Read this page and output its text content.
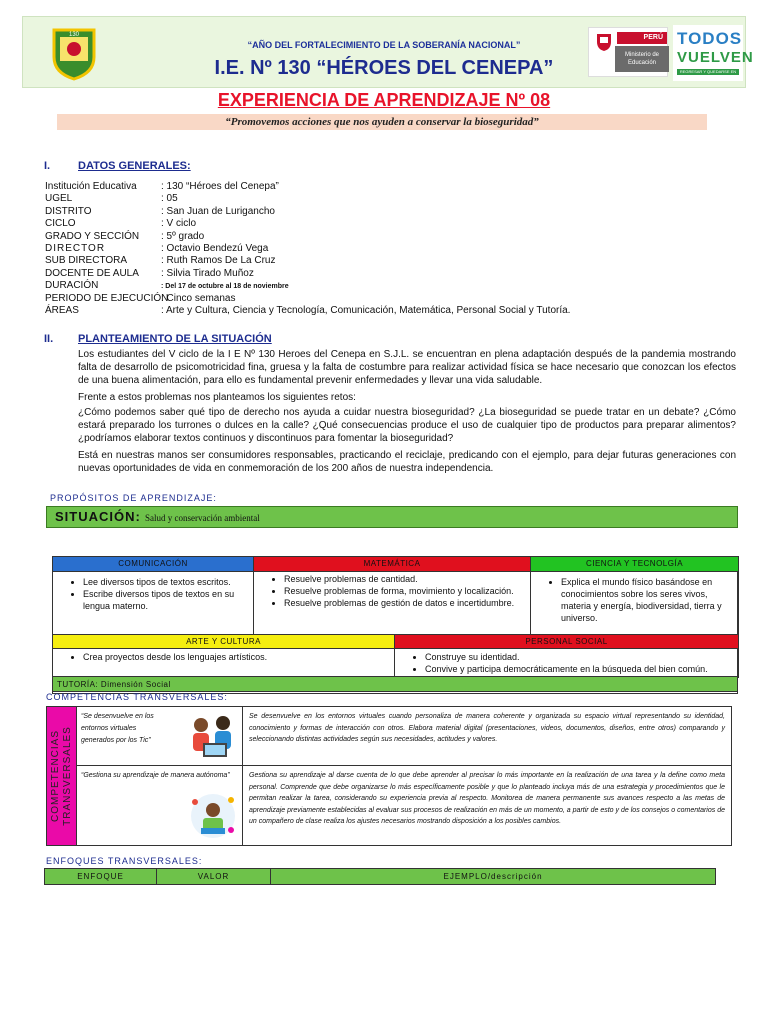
130
“AÑO DEL FORTALECIMIENTO DE LA SOBERANÍA NACIONAL”
I.E. Nº 130 “HÉROES DEL CENEPA”
PERÚ
Ministerio de Educación
TODOS
VUELVEN
REGRESAR Y QUEDARSE EN 2022
EXPERIENCIA DE APRENDIZAJE Nº 08
“Promovemos acciones que nos ayuden a conservar la bioseguridad”
I.	DATOS GENERALES:
Institución Educativa : 130 “Héroes del Cenepa”
UGEL	: 05
DISTRITO	: San Juan de Lurigancho
CICLO	: V ciclo
GRADO Y SECCIÓN : 5º grado
DIRECTOR	: Octavio Bendezú Vega
SUB DIRECTORA	: Ruth Ramos De La Cruz
DOCENTE DE AULA : Silvia Tirado Muñoz
DURACIÓN	: Del 17 de octubre al 18 de noviembre
PERIODO DE EJECUCIÓN: Cinco semanas
ÁREAS	: Arte y Cultura, Ciencia y Tecnología, Comunicación, Matemática, Personal Social y Tutoría.
II. PLANTEAMIENTO DE LA SITUACIÓN
Los estudiantes del V ciclo de la I E Nº 130 Heroes del Cenepa en S.J.L. se encuentran en plena adaptación después de la pandemia mostrando falta de desarrollo de psicomotricidad fina, gruesa y la falta de costumbre para realizar actividad física se hace necesario que conozcan los efectos de una buena alimentación, para ello es fundamental prevenir enfermedades y llevar una vida saludable.
Frente a estos problemas nos planteamos los siguientes retos:
¿Cómo podemos saber qué tipo de derecho nos ayuda a cuidar nuestra bioseguridad? ¿La bioseguridad se puede tratar en un debate? ¿Cómo estará preparado los turrones o dulces en la calle? ¿Qué consecuencias produce el uso de cualquier tipo de productos para preparar alimentos? ¿podríamos elaborar textos continuos y discontinuos para fomentar la bioseguridad?
Está en nuestras manos ser consumidores responsables, practicando el reciclaje, predicando con el ejemplo, para dejar futuras generaciones con nuevas oportunidades de vida en conmemoración de los 200 años de nuestra independencia.
PROPÓSITOS DE APRENDIZAJE:
SITUACIÓN: Salud y conservación ambiental
COMUNICACIÓN	MATEMÁTICA	CIENCIA Y TECNOLGÍA
• Lee diversos tipos de textos escritos.
• Escribe diversos tipos de textos en su lengua materno.
• Resuelve problemas de cantidad.
• Resuelve problemas de forma, movimiento y localización.
• Resuelve problemas de gestión de datos e incertidumbre.
• Explica el mundo físico basándose en conocimientos sobre los seres vivos, materia y energía, biodiversidad, tierra y universo.
ARTE Y CULTURA	PERSONAL SOCIAL
• Crea proyectos desde los lenguajes artísticos.
•	Construye su identidad.
• Convive y participa democráticamente en la búsqueda del bien común.
TUTORÍA: Dimensión Social
COMPETENCIAS TRANSVERSALES:
COMPETENCIAS TRANSVERSALES
“Se desenvuelve en los entornos virtuales generados por los Tic”
Se desenvuelve en los entornos virtuales cuando personaliza de manera coherente y organizada su espacio virtual representando su identidad, conocimiento y formas de interacción con otros. Elabora material digital (presentaciones, videos, documentos, diseños, entre otros) comparando y seleccionando distintas actividades según sus necesidades, actitudes y valores.
“Gestiona su aprendizaje de manera autónoma”	Gestiona su aprendizaje al darse cuenta de lo que debe aprender al precisar lo más importante en la realización de una tarea y la define como meta personal. Comprende que debe organizarse lo más específicamente posible y que lo planteado incluya más de una estrategia y procedimientos que le permitan realizar la tarea, considerando su experiencia previa al respecto. Monitorea de manera permanente sus avances respecto a las metas de aprendizaje previamente establecidas al evaluar sus procesos de realización en más de un momento, a partir de esto y de los consejos o comentarios de un compañero de clase realiza los ajustes necesarios mostrando disposición a los posibles cambios.
ENFOQUES TRANSVERSALES:
ENFOQUE	VALOR	EJEMPLO/descripción
